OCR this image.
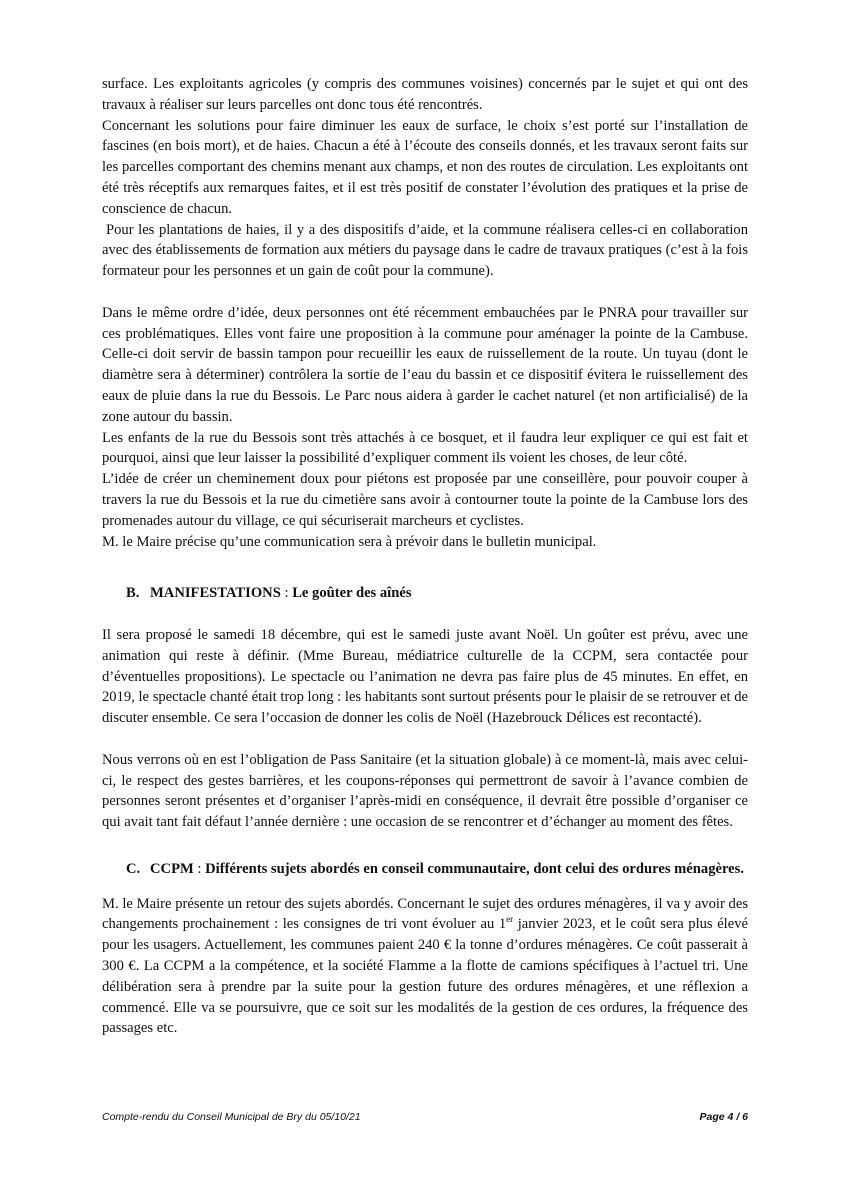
surface. Les exploitants agricoles (y compris des communes voisines) concernés par le sujet et qui ont des travaux à réaliser sur leurs parcelles ont donc tous été rencontrés.

Concernant les solutions pour faire diminuer les eaux de surface, le choix s’est porté sur l’installation de fascines (en bois mort), et de haies. Chacun a été à l’écoute des conseils donnés, et les travaux seront faits sur les parcelles comportant des chemins menant aux champs, et non des routes de circulation. Les exploitants ont été très réceptifs aux remarques faites, et il est très positif de constater l’évolution des pratiques et la prise de conscience de chacun.

Pour les plantations de haies, il y a des dispositifs d’aide, et la commune réalisera celles-ci en collaboration avec des établissements de formation aux métiers du paysage dans le cadre de travaux pratiques (c’est à la fois formateur pour les personnes et un gain de coût pour la commune).

Dans le même ordre d’idée, deux personnes ont été récemment embauchées par le PNRA pour travailler sur ces problématiques. Elles vont faire une proposition à la commune pour aménager la pointe de la Cambuse. Celle-ci doit servir de bassin tampon pour recueillir les eaux de ruissellement de la route. Un tuyau (dont le diamètre sera à déterminer) contrôlera la sortie de l’eau du bassin et ce dispositif évitera le ruissellement des eaux de pluie dans la rue du Bessois. Le Parc nous aidera à garder le cachet naturel (et non artificialisé) de la zone autour du bassin.

Les enfants de la rue du Bessois sont très attachés à ce bosquet, et il faudra leur expliquer ce qui est fait et pourquoi, ainsi que leur laisser la possibilité d’expliquer comment ils voient les choses, de leur côté.

L’idée de créer un cheminement doux pour piétons est proposée par une conseillère, pour pouvoir couper à travers la rue du Bessois et la rue du cimetière sans avoir à contourner toute la pointe de la Cambuse lors des promenades autour du village, ce qui sécuriserait marcheurs et cyclistes.

M. le Maire précise qu’une communication sera à prévoir dans le bulletin municipal.

B. MANIFESTATIONS : Le goûter des aînés

Il sera proposé le samedi 18 décembre, qui est le samedi juste avant Noël. Un goûter est prévu, avec une animation qui reste à définir. (Mme Bureau, médiatrice culturelle de la CCPM, sera contactée pour d’éventuelles propositions). Le spectacle ou l’animation ne devra pas faire plus de 45 minutes. En effet, en 2019, le spectacle chanté était trop long : les habitants sont surtout présents pour le plaisir de se retrouver et de discuter ensemble. Ce sera l’occasion de donner les colis de Noël (Hazebrouck Délices est recontacté).

Nous verrons où en est l’obligation de Pass Sanitaire (et la situation globale) à ce moment-là, mais avec celui-ci, le respect des gestes barrières, et les coupons-réponses qui permettront de savoir à l’avance combien de personnes seront présentes et d’organiser l’après-midi en conséquence, il devrait être possible d’organiser ce qui avait tant fait défaut l’année dernière : une occasion de se rencontrer et d’échanger au moment des fêtes.

C. CCPM : Différents sujets abordés en conseil communautaire, dont celui des ordures ménagères.

M. le Maire présente un retour des sujets abordés. Concernant le sujet des ordures ménagères, il va y avoir des changements prochainement : les consignes de tri vont évoluer au 1er janvier 2023, et le coût sera plus élevé pour les usagers. Actuellement, les communes paient 240 € la tonne d’ordures ménagères. Ce coût passerait à 300 €. La CCPM a la compétence, et la société Flamme a la flotte de camions spécifiques à l’actuel tri. Une délibération sera à prendre par la suite pour la gestion future des ordures ménagères, et une réflexion a commencé. Elle va se poursuivre, que ce soit sur les modalités de la gestion de ces ordures, la fréquence des passages etc.

Compte-rendu du Conseil Municipal de Bry du 05/10/21	Page 4 / 6
